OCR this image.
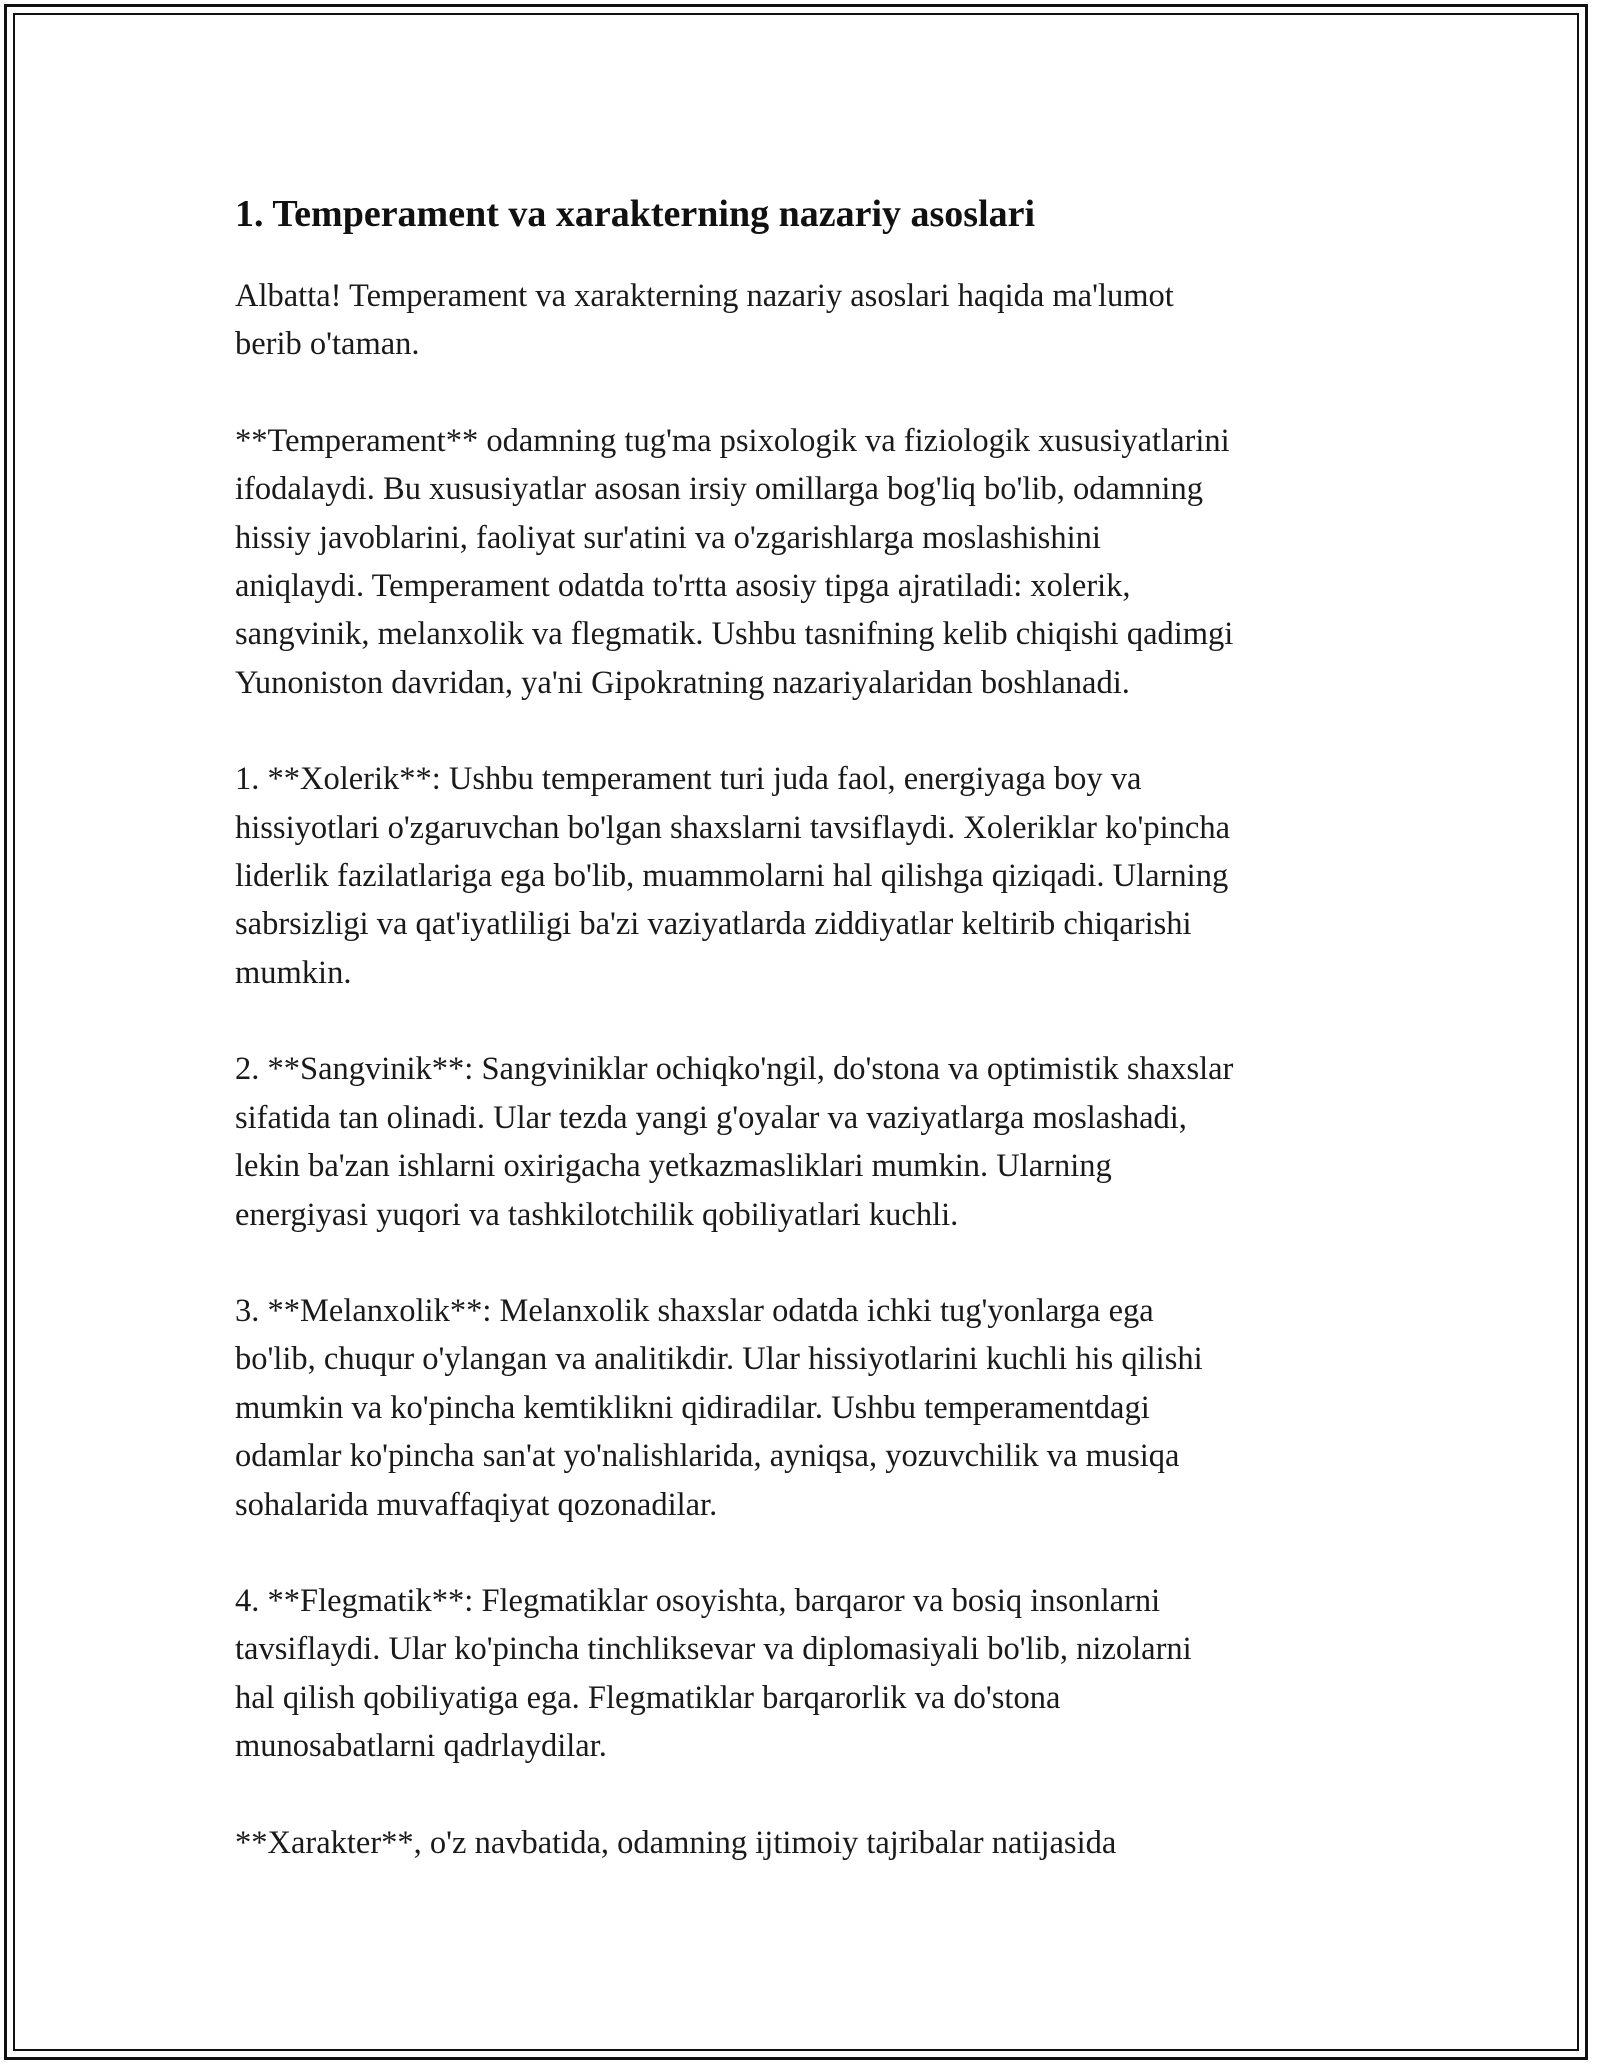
1. Temperament va xarakterning nazariy asoslari

Albatta! Temperament va xarakterning nazariy asoslari haqida ma'lumot
berib o'taman.

**Temperament** odamning tug'ma psixologik va fiziologik xususiyatlarini
ifodalaydi. Bu xususiyatlar asosan irsiy omillarga bog'liq bo'lib, odamning
hissiy javoblarini, faoliyat sur'atini va o'zgarishlarga moslashishini
aniqlaydi. Temperament odatda to'rtta asosiy tipga ajratiladi: xolerik,
sangvinik, melanxolik va flegmatik. Ushbu tasnifning kelib chiqishi qadimgi
Yunoniston davridan, ya'ni Gipokratning nazariyalaridan boshlanadi.

1. **Xolerik**: Ushbu temperament turi juda faol, energiyaga boy va
hissiyotlari o'zgaruvchan bo'lgan shaxslarni tavsiflaydi. Xoleriklar ko'pincha
liderlik fazilatlariga ega bo'lib, muammolarni hal qilishga qiziqadi. Ularning
sabrsizligi va qat'iyatliligi ba'zi vaziyatlarda ziddiyatlar keltirib chiqarishi
mumkin.

2. **Sangvinik**: Sangviniklar ochiqko'ngil, do'stona va optimistik shaxslar
sifatida tan olinadi. Ular tezda yangi g'oyalar va vaziyatlarga moslashadi,
lekin ba'zan ishlarni oxirigacha yetkazmasliklari mumkin. Ularning
energiyasi yuqori va tashkilotchilik qobiliyatlari kuchli.

3. **Melanxolik**: Melanxolik shaxslar odatda ichki tug'yonlarga ega
bo'lib, chuqur o'ylangan va analitikdir. Ular hissiyotlarini kuchli his qilishi
mumkin va ko'pincha kemtiklikni qidiradilar. Ushbu temperamentdagi
odamlar ko'pincha san'at yo'nalishlarida, ayniqsa, yozuvchilik va musiqa
sohalarida muvaffaqiyat qozonadilar.

4. **Flegmatik**: Flegmatiklar osoyishta, barqaror va bosiq insonlarni
tavsiflaydi. Ular ko'pincha tinchliksevar va diplomasiyali bo'lib, nizolarni
hal qilish qobiliyatiga ega. Flegmatiklar barqarorlik va do'stona
munosabatlarni qadrlaydilar.

**Xarakter**, o'z navbatida, odamning ijtimoiy tajribalar natijasida
